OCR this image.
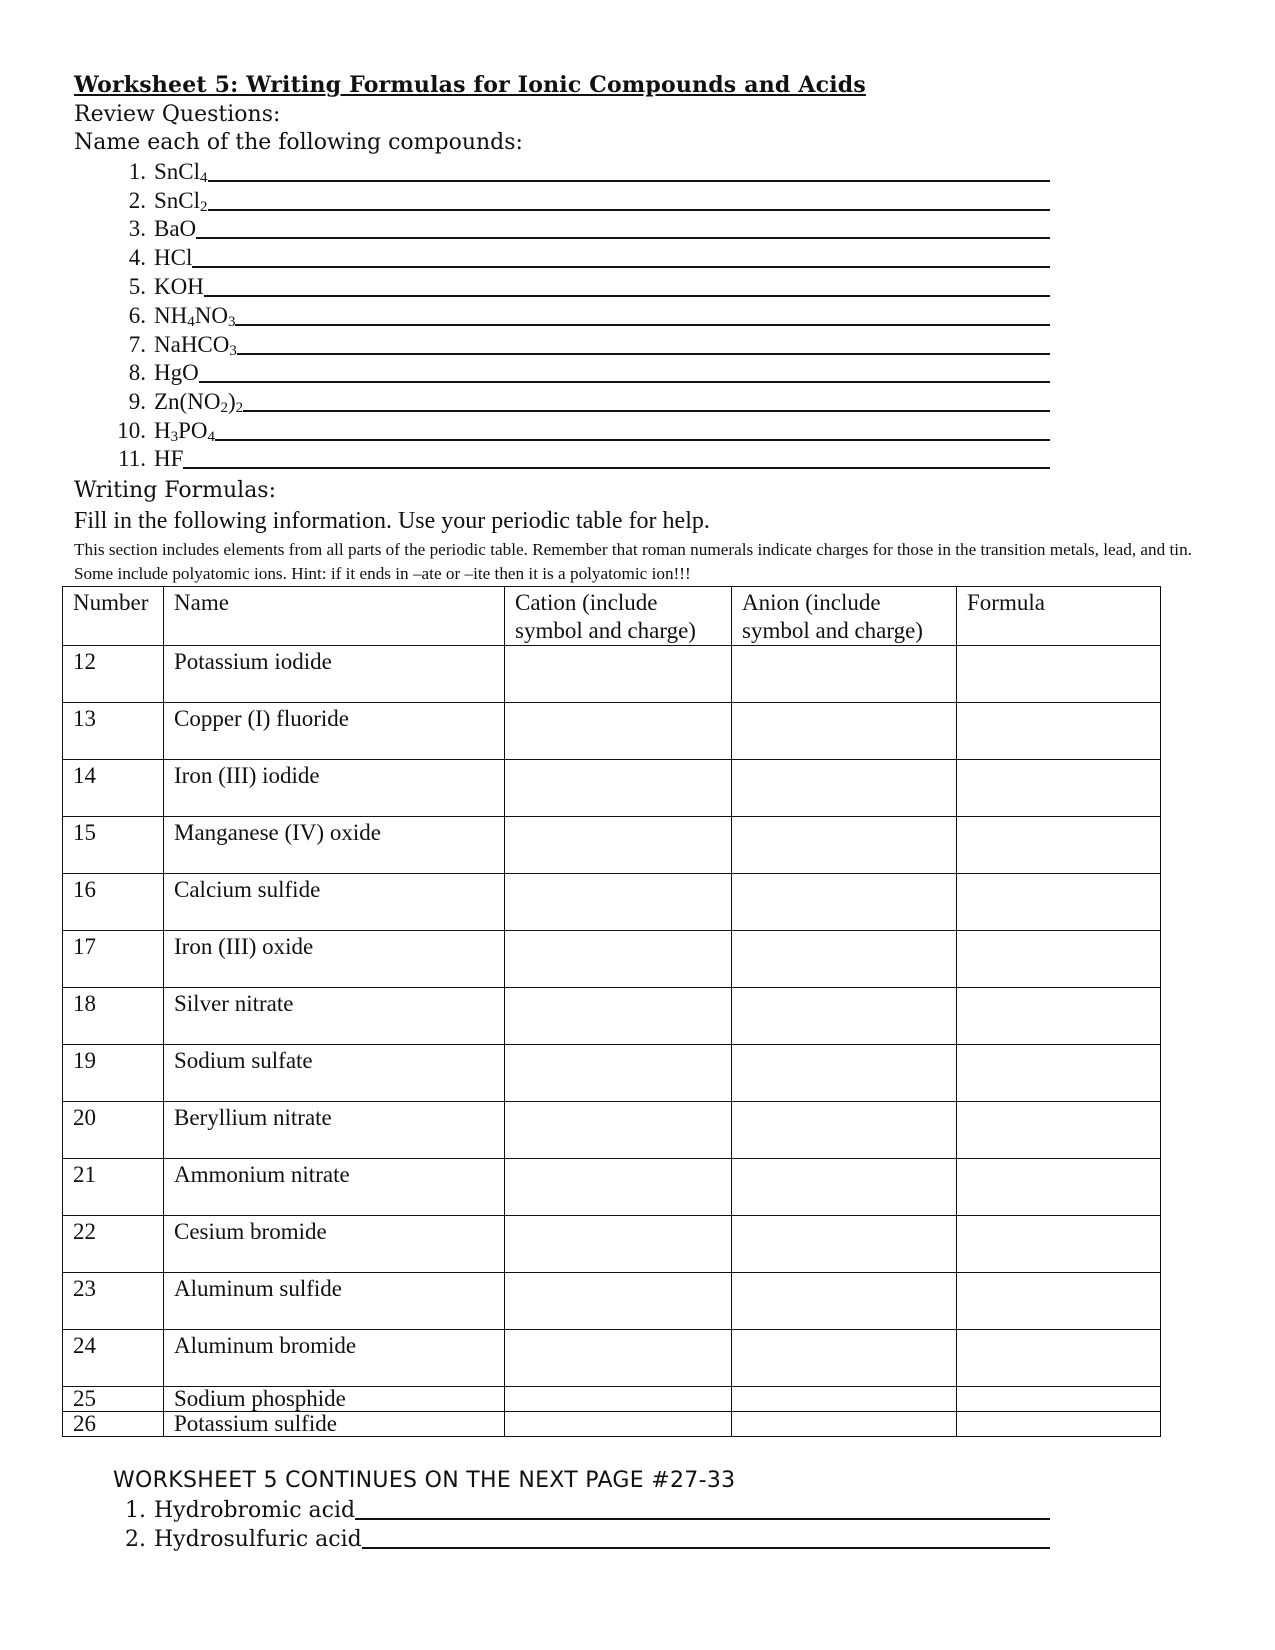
Worksheet 5: Writing Formulas for Ionic Compounds and Acids
Review Questions:
Name each of the following compounds:
1. SnCl$_4$
2. SnCl$_2$
3. BaO
4. HCl
5. KOH
6. $NH_4NO_3$
7. NaHCO$_3$
8. HgO
9. $Zn(NO_2)_2$
10. $H_3PO_4$
11. HF
Writing Formulas:
Fill in the following information. Use your periodic table for help.
This section includes elements from all parts of the periodic table. Remember that roman numerals indicate charges for those in the transition metals, lead, and tin. Some include polyatomic ions. Hint: if it ends in –ate or –ite then it is a polyatomic ion!!!
Number	Name	Cation (include symbol and charge)	Anion (include symbol and charge)	Formula
12	Potassium iodide			
13	Copper (I) fluoride			
14	Iron (III) iodide			
15	Manganese (IV) oxide			
16	Calcium sulfide			
17	Iron (III) oxide			
18	Silver nitrate			
19	Sodium sulfate			
20	Beryllium nitrate			
21	Ammonium nitrate			
22	Cesium bromide			
23	Aluminum sulfide			
24	Aluminum bromide			
25	Sodium phosphide			
26	Potassium sulfide			
WORKSHEET 5 CONTINUES ON THE NEXT PAGE #27-33
1. Hydrobromic acid
2. Hydrosulfuric acid
